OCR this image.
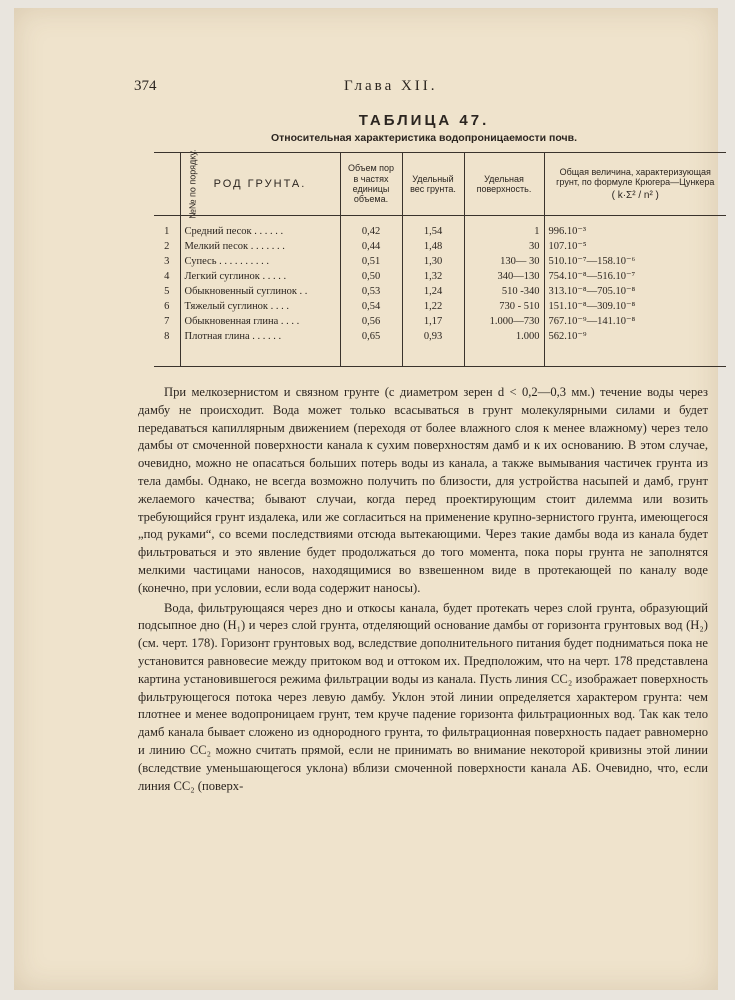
374	Глава XII.
ТАБЛИЦА 47.
Относительная характеристика водопроницаемости почв.
№№ по порядку.	РОД ГРУНТА.	Объем пор в частях единицы объема.	Удельный вес грунта.	Удельная поверхность.	Общая величина, характеризующая грунт, по формуле Крюгера—Цункера
( k·Σ² / n² )

1	Средний песок . . . . . .	0,42	1,54	1	996.10⁻³
2	Мелкий песок . . . . . . .	0,44	1,48	30	107.10⁻⁵
3	Супесь . . . . . . . . . .	0,51	1,30	130— 30	510.10⁻⁷—158.10⁻⁶
4	Легкий суглинок . . . . .	0,50	1,32	340—130	754.10⁻⁸—516.10⁻⁷
5	Обыкновенный суглинок . .	0,53	1,24	510 -340	313.10⁻⁸—705.10⁻⁸
6	Тяжелый суглинок . . . .	0,54	1,22	730 - 510	151.10⁻⁸—309.10⁻⁸
7	Обыкновенная глина . . . .	0,56	1,17	1.000—730	767.10⁻⁹—141.10⁻⁸
8	Плотная глина . . . . . .	0,65	0,93	1.000	562.10⁻⁹

При мелкозернистом и связном грунте (с диаметром зерен d < 0,2—0,3 мм.) течение воды через дамбу не происходит. Вода может только всасываться в грунт молекулярными силами и будет передаваться капиллярным движением (переходя от более влажного слоя к менее влажному) через тело дамбы от смоченной поверхности канала к сухим поверхностям дамб и к их основанию. В этом случае, очевидно, можно не опасаться больших потерь воды из канала, а также вымывания частичек грунта из тела дамбы. Однако, не всегда возможно получить по близости, для устройства насыпей и дамб, грунт желаемого качества; бывают случаи, когда перед проектирующим стоит дилемма или возить требующийся грунт издалека, или же согласиться на применение крупно-зернистого грунта, имеющегося „под руками“, со всеми последствиями отсюда вытекающими. Через такие дамбы вода из канала будет фильтроваться и это явление будет продолжаться до того момента, пока поры грунта не заполнятся мелкими частицами наносов, находящимися во взвешенном виде в протекающей по каналу воде (конечно, при условии, если вода содержит наносы).

Вода, фильтрующаяся через дно и откосы канала, будет протекать через слой грунта, образующий подсыпное дно (H₁) и через слой грунта, отделяющий основание дамбы от горизонта грунтовых вод (H₂) (см. черт. 178). Горизонт грунтовых вод, вследствие дополнительного питания будет подниматься пока не установится равновесие между притоком вод и оттоком их. Предположим, что на черт. 178 представлена картина установившегося режима фильтрации воды из канала. Пусть линия CC₂ изображает поверхность фильтрующегося потока через левую дамбу. Уклон этой линии определяется характером грунта: чем плотнее и менее водопроницаем грунт, тем круче падение горизонта фильтрационных вод. Так как тело дамб канала бывает сложено из однородного грунта, то фильтрационная поверхность падает равномерно и линию CC₂ можно считать прямой, если не принимать во внимание некоторой кривизны этой линии (вследствие уменьшающегося уклона) вблизи смоченной поверхности канала АБ. Очевидно, что, если линия CC₂ (поверх-
